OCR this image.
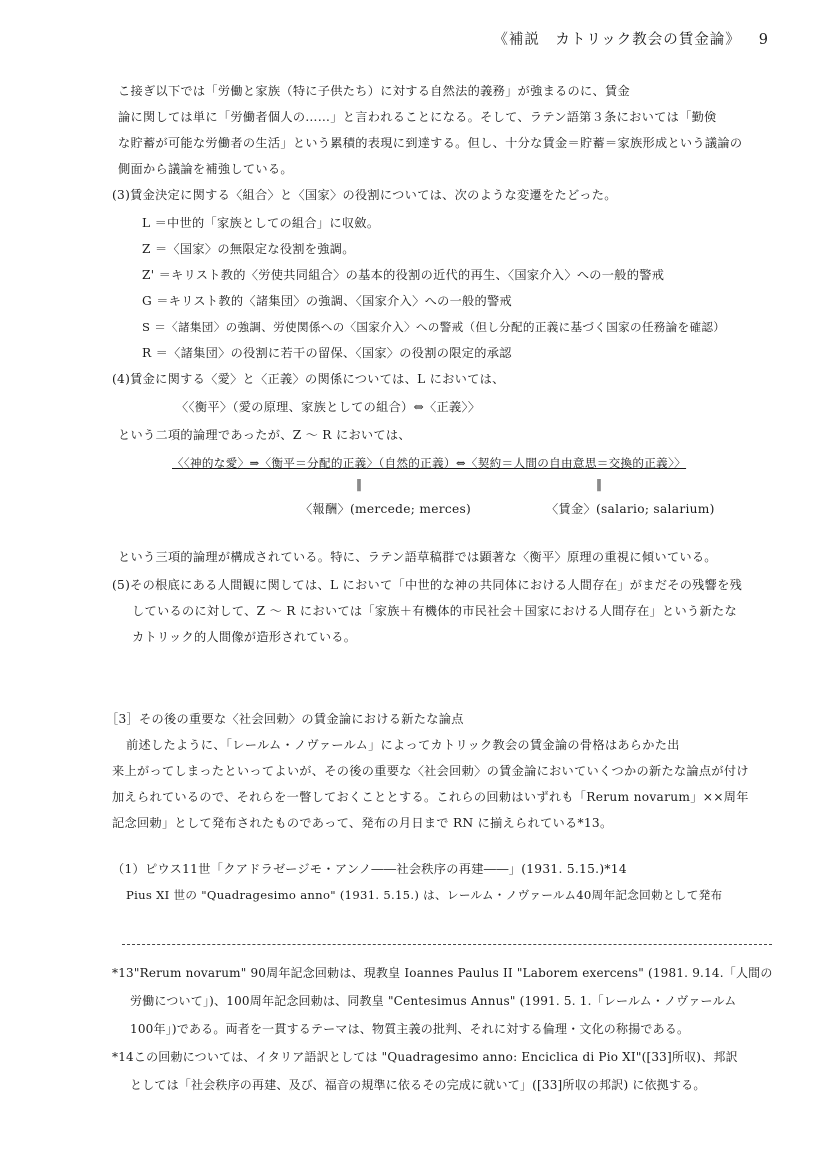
《補説　カトリック教会の賃金論》 9
こ接ぎ以下では「労働と家族（特に子供たち）に対する自然法的義務」が強まるのに、賃金
論に関しては単に「労働者個人の……」と言われることになる。そして、ラテン語第３条においては「勤倹
な貯蓄が可能な労働者の生活」という累積的表現に到達する。但し、十分な賃金＝貯蓄＝家族形成という議論の
側面から議論を補強している。
(3)賃金決定に関する〈組合〉と〈国家〉の役割については、次のような変遷をたどった。
L ＝中世的「家族としての組合」に収斂。
Z ＝〈国家〉の無限定な役割を強調。
Z' ＝キリスト教的〈労使共同組合〉の基本的役割の近代的再生、〈国家介入〉への一般的警戒
G ＝キリスト教的〈諸集団〉の強調、〈国家介入〉への一般的警戒
S ＝〈諸集団〉の強調、労使関係への〈国家介入〉への警戒（但し分配的正義に基づく国家の任務論を確認）
R ＝〈諸集団〉の役割に若干の留保、〈国家〉の役割の限定的承認
(4)賃金に関する〈愛〉と〈正義〉の関係については、L においては、
〈〈衡平〉（愛の原理、家族としての組合）⇔〈正義〉〉
という二項的論理であったが、Z ～ R においては、
〈〈神的な愛〉⇒〈衡平＝分配的正義〉（自然的正義）⇔〈契約＝人間の自由意思＝交換的正義〉〉
‖	‖
〈報酬〉(mercede; merces)	〈賃金〉(salario; salarium)
という三項的論理が構成されている。特に、ラテン語草稿群では顕著な〈衡平〉原理の重視に傾いている。
(5)その根底にある人間観に関しては、L において「中世的な神の共同体における人間存在」がまだその残響を残
しているのに対して、Z ～ R においては「家族＋有機体的市民社会＋国家における人間存在」という新たな
カトリック的人間像が造形されている。
［3］その後の重要な〈社会回勅〉の賃金論における新たな論点
前述したように、「レールム・ノヴァールム」によってカトリック教会の賃金論の骨格はあらかた出
来上がってしまったといってよいが、その後の重要な〈社会回勅〉の賃金論においていくつかの新たな論点が付け
加えられているので、それらを一瞥しておくこととする。これらの回勅はいずれも「Rerum novarum」××周年
記念回勅」として発布されたものであって、発布の月日まで RN に揃えられている*13。
（1）ピウス11世「クアドラゼージモ・アンノ――社会秩序の再建――」(1931. 5.15.)*14
Pius XI 世の "Quadragesimo anno" (1931. 5.15.) は、レールム・ノヴァールム40周年記念回勅として発布
*13"Rerum novarum" 90周年記念回勅は、現教皇 Ioannes Paulus II "Laborem exercens" (1981. 9.14.「人間の
労働について」)、100周年記念回勅は、同教皇 "Centesimus Annus" (1991. 5. 1.「レールム・ノヴァールム
100年」)である。両者を一貫するテーマは、物質主義の批判、それに対する倫理・文化の称揚である。
*14この回勅については、イタリア語訳としては "Quadragesimo anno: Enciclica di Pio XI"([33]所収)、邦訳
としては「社会秩序の再建、及び、福音の規準に依るその完成に就いて」([33]所収の邦訳) に依拠する。
